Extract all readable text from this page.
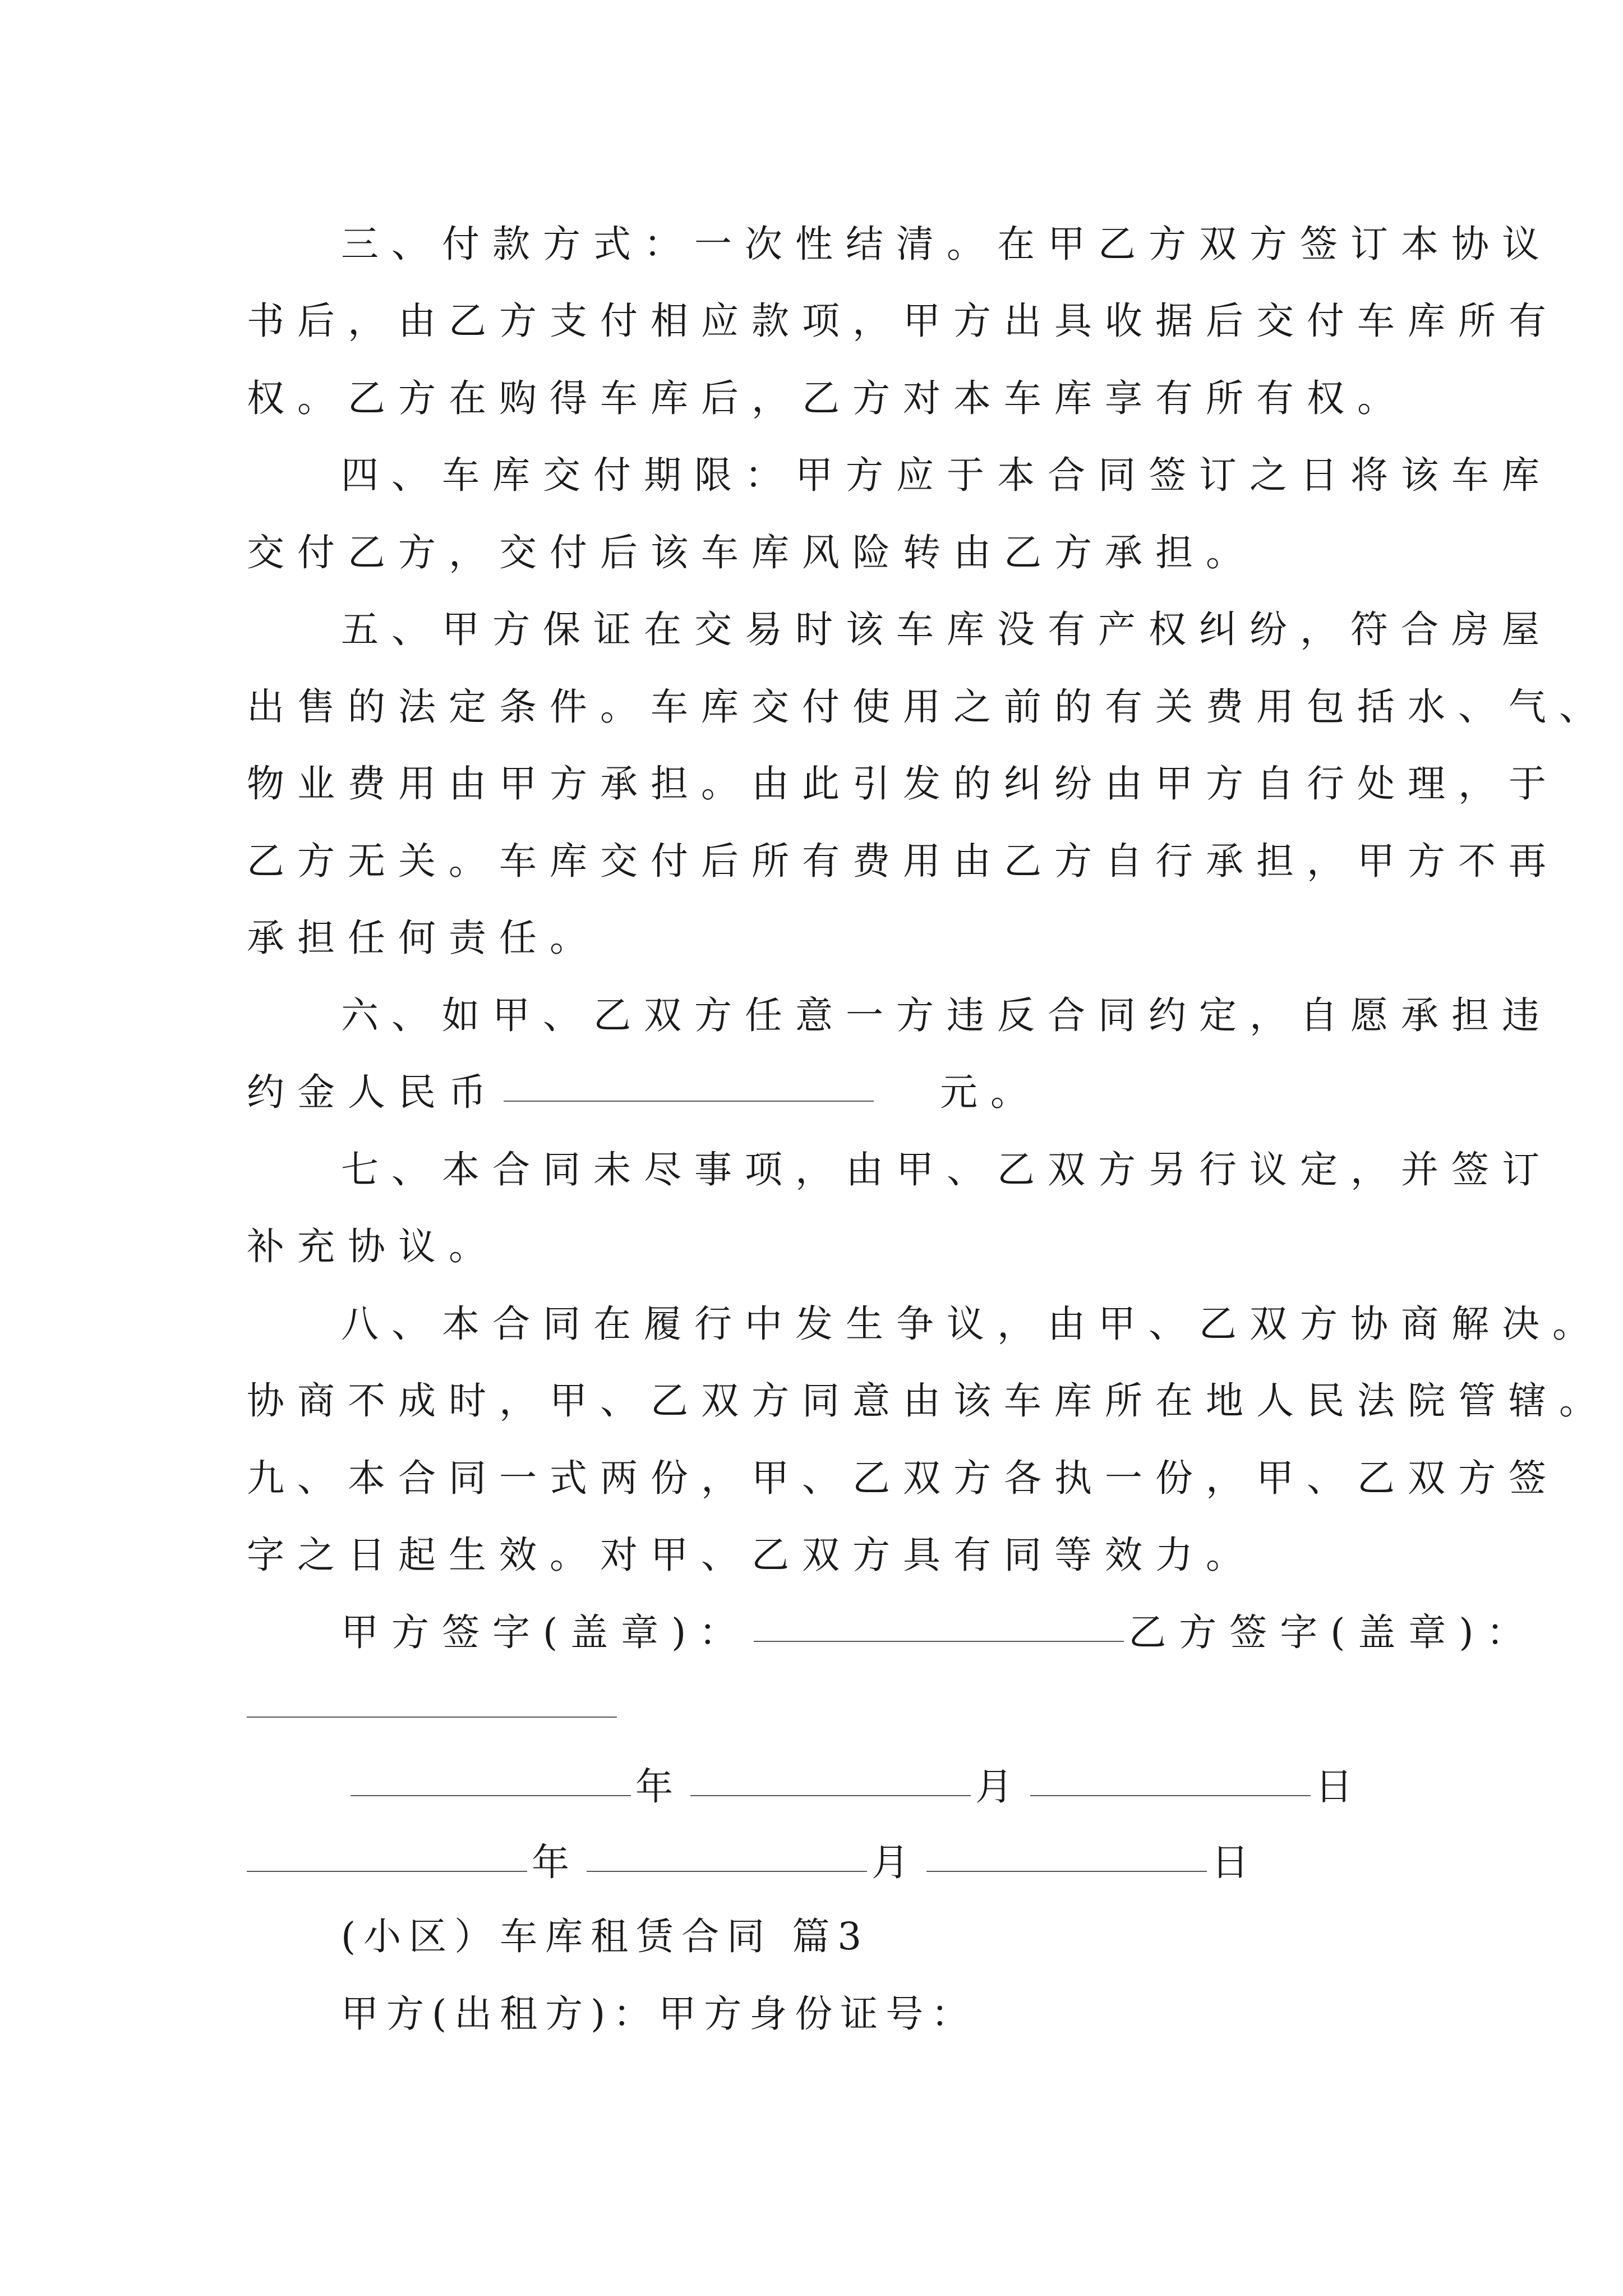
三、付款方式：一次性结清。在甲乙方双方签订本协议
书后，由乙方支付相应款项，甲方出具收据后交付车库所有
权。乙方在购得车库后，乙方对本车库享有所有权。
四、车库交付期限：甲方应于本合同签订之日将该车库
交付乙方，交付后该车库风险转由乙方承担。
五、甲方保证在交易时该车库没有产权纠纷，符合房屋
出售的法定条件。车库交付使用之前的有关费用包括水、气、
物业费用由甲方承担。由此引发的纠纷由甲方自行处理，于
乙方无关。车库交付后所有费用由乙方自行承担，甲方不再
承担任何责任。
六、如甲、乙双方任意一方违反合同约定，自愿承担违
约金人民币	元。
七、本合同未尽事项，由甲、乙双方另行议定，并签订
补充协议。
八、本合同在履行中发生争议，由甲、乙双方协商解决。
协商不成时，甲、乙双方同意由该车库所在地人民法院管辖。
九、本合同一式两份，甲、乙双方各执一份，甲、乙双方签
字之日起生效。对甲、乙双方具有同等效力。
甲方签字(盖章)：	乙方签字(盖章)：
年	月	日
年	月	日
(小区）车库租赁合同 篇3
甲方(出租方)：甲方身份证号：
